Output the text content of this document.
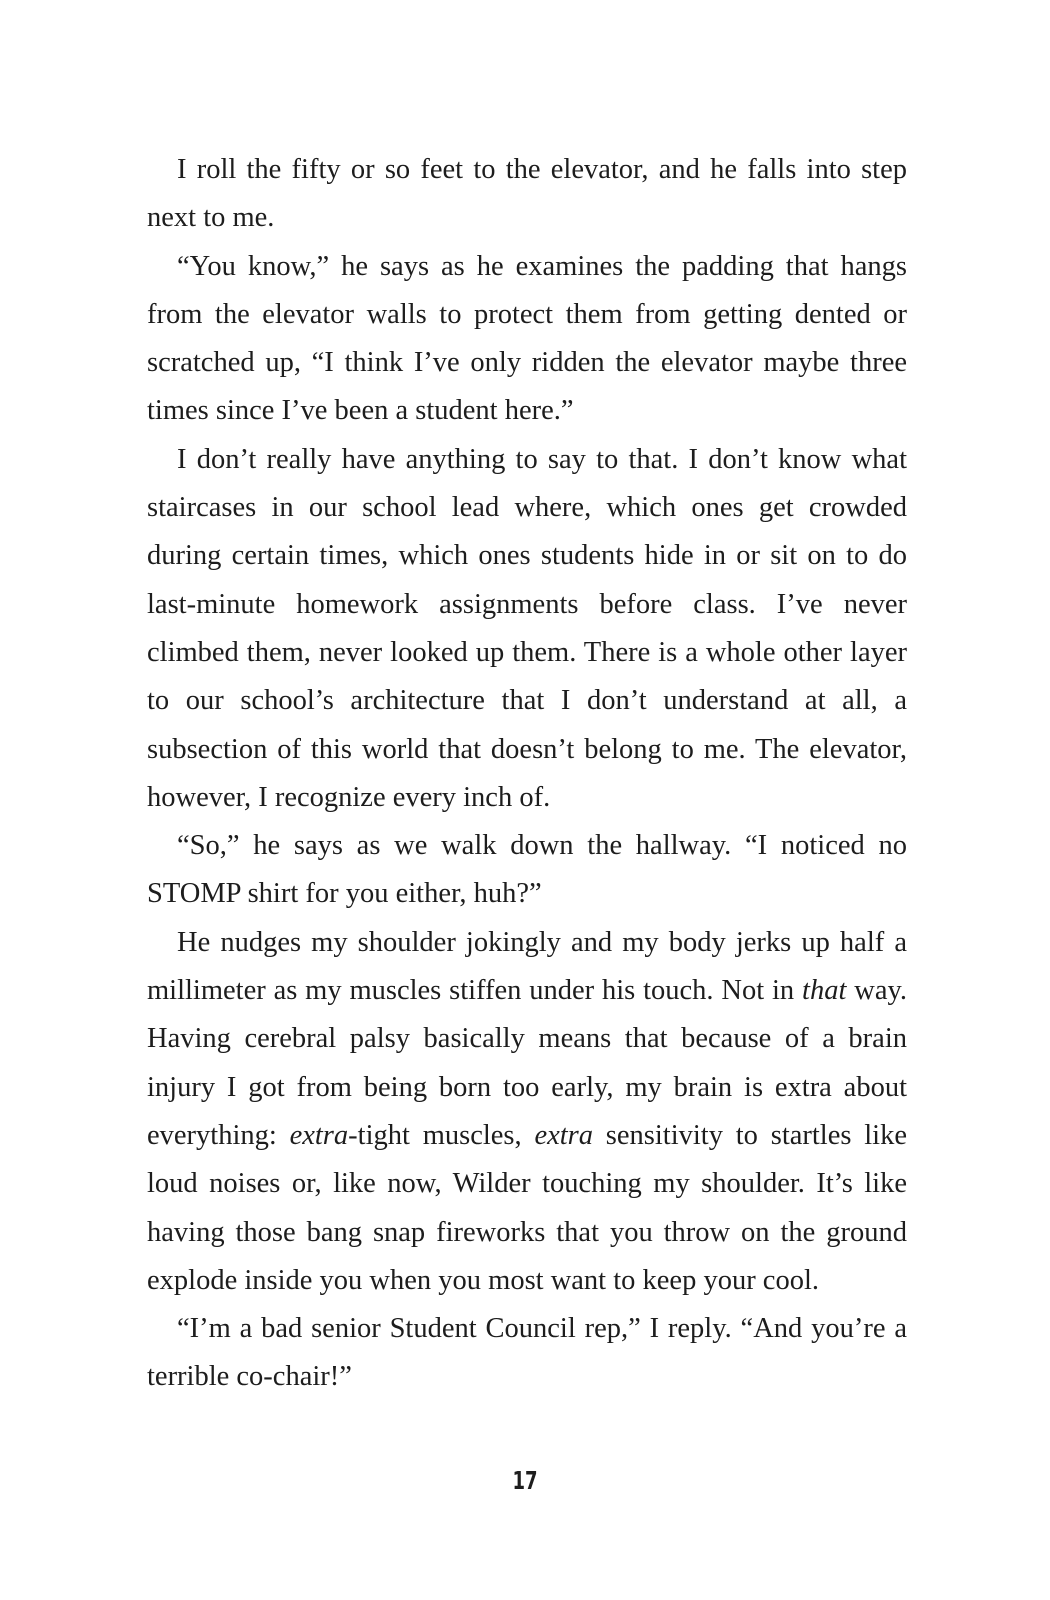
I roll the fifty or so feet to the elevator, and he falls into step next to me.

“You know,” he says as he examines the padding that hangs from the elevator walls to protect them from getting dented or scratched up, “I think I’ve only ridden the elevator maybe three times since I’ve been a student here.”

I don’t really have anything to say to that. I don’t know what staircases in our school lead where, which ones get crowded during certain times, which ones students hide in or sit on to do last-minute homework assignments before class. I’ve never climbed them, never looked up them. There is a whole other layer to our school’s architecture that I don’t understand at all, a subsection of this world that doesn’t belong to me. The elevator, however, I recognize every inch of.

“So,” he says as we walk down the hallway. “I noticed no STOMP shirt for you either, huh?”

He nudges my shoulder jokingly and my body jerks up half a millimeter as my muscles stiffen under his touch. Not in that way. Having cerebral palsy basically means that because of a brain injury I got from being born too early, my brain is extra about everything: extra-tight muscles, extra sensitivity to startles like loud noises or, like now, Wilder touching my shoulder. It’s like having those bang snap fireworks that you throw on the ground explode inside you when you most want to keep your cool.

“I’m a bad senior Student Council rep,” I reply. “And you’re a terrible co-chair!”

17
